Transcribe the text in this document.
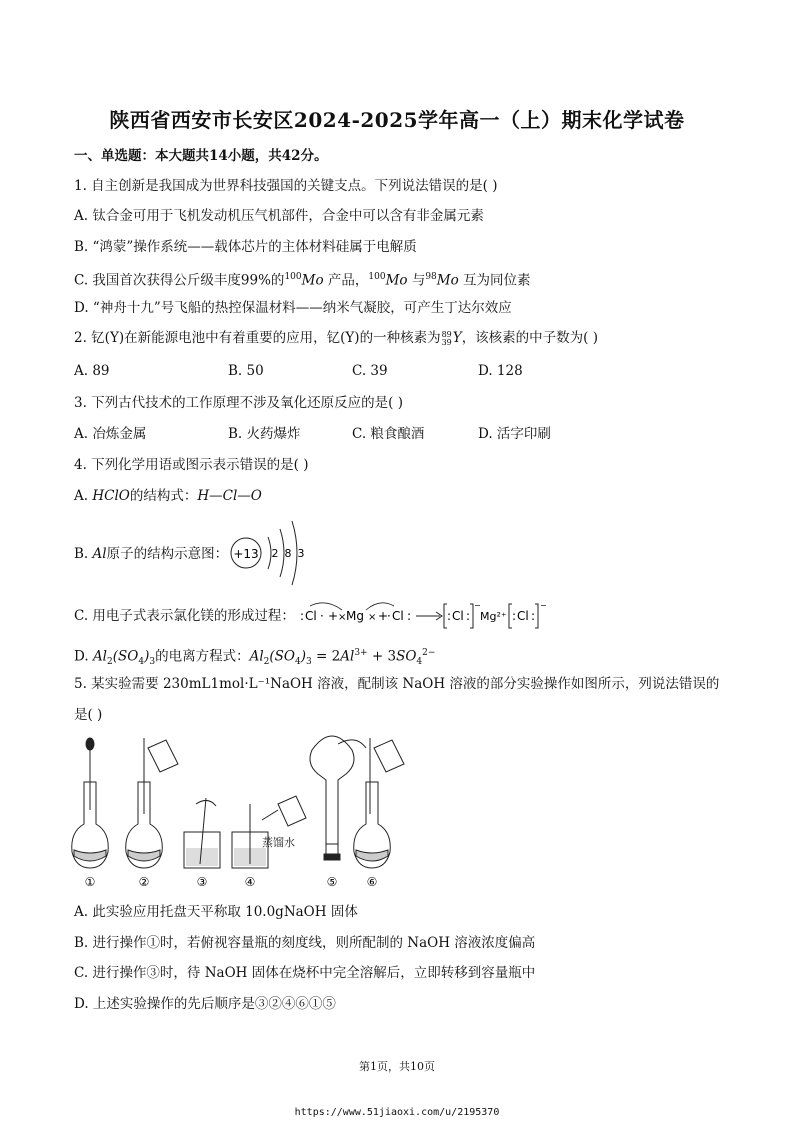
陕西省西安市长安区2024-2025学年高一（上）期末化学试卷
一、单选题：本大题共14小题，共42分。
1. 自主创新是我国成为世界科技强国的关键支点。下列说法错误的是( )
A. 钛合金可用于飞机发动机压气机部件，合金中可以含有非金属元素
B. “鸿蒙”操作系统——载体芯片的主体材料硅属于电解质
C. 我国首次获得公斤级丰度99%的$^{100}$Mo 产品，$^{100}$Mo 与$^{98}$Mo 互为同位素
D. “神舟十九”号飞船的热控保温材料——纳米气凝胶，可产生丁达尔效应
2. 钇(Y)在新能源电池中有着重要的应用，钇(Y)的一种核素为89
39Y，该核素的中子数为( )
A. 89	B. 50	C. 39	D. 128
3. 下列古代技术的工作原理不涉及氧化还原反应的是( )
A. 冶炼金属	B. 火药爆炸	C. 粮食酿酒	D. 活字印刷
4. 下列化学用语或图示表示错误的是( )
A. HClO的结构式：H—Cl—O
B. Al原子的结构示意图： +13 2 8 3
C. 用电子式表示氯化镁的形成过程： : Cl · + × Mg × +
· Cl :	: Cl :
−
Mg²⁺ : Cl :
−
D. $Al_2(SO_4)_3$的电离方程式：$Al_2(SO_4)_3 = 2Al^{3+} + 3SO_4^{2-}$
5. 某实验需要 230mL1mol·L⁻¹NaOH 溶液，配制该 NaOH 溶液的部分实验操作如图所示，列说法错误的
是( )
蒸馏水
①	②	③	④	⑤ ⑥
A. 此实验应用托盘天平称取 10.0gNaOH 固体
B. 进行操作①时，若俯视容量瓶的刻度线，则所配制的 NaOH 溶液浓度偏高
C. 进行操作③时，待 NaOH 固体在烧杯中完全溶解后，立即转移到容量瓶中
D. 上述实验操作的先后顺序是③②④⑥①⑤
第1页，共10页
https://www.51jiaoxi.com/u/2195370
